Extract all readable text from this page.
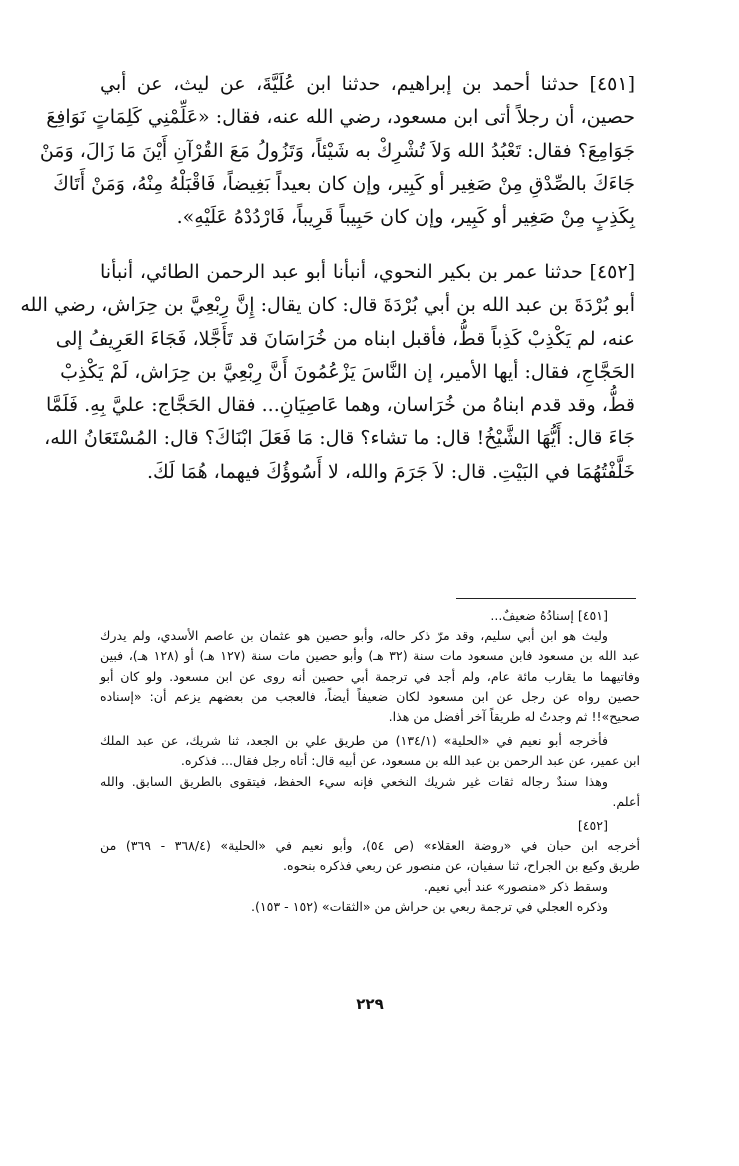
[٤٥١] حدثنا أحمد بن إبراهيم، حدثنا ابن عُلَيَّةَ، عن ليث، عن أبي
حصين، أن رجلاً أتى ابن مسعود، رضي الله عنه، فقال: «عَلِّمْنِي كَلِمَاتٍ نَوَافِعَ
جَوَامِعَ؟ فقال: تَعْبُدُ الله وَلاَ تُشْرِكْ به شَيْئاً، وَتَزُولُ مَعَ القُرْآنِ أَيْنَ مَا زَالَ، وَمَنْ
جَاءَكَ بالصِّدْقِ مِنْ صَغِير أو كَبِير، وإن كان بعيداً بَغِيضاً، فَاقْبَلْهُ مِنْهُ، وَمَنْ أَتَاكَ
بِكَذِبٍ مِنْ صَغِير أو كَبِير، وإن كان حَبِيباً قَرِيباً، فَارْدُدْهُ عَلَيْهِ».
[٤٥٢] حدثنا عمر بن بكير النحوي، أنبأنا أبو عبد الرحمن الطائي، أنبأنا
أبو بُرْدَةَ بن عبد الله بن أبي بُرْدَةَ قال: كان يقال: إِنَّ رِبْعِيَّ بن حِرَاش، رضي الله
عنه، لم يَكْذِبْ كَذِباً قطُّ، فأقبل ابناه من خُرَاسَانَ قد تَأَجَّلا، فَجَاءَ العَرِيفُ إلى
الحَجَّاجِ، فقال: أيها الأمير، إن النَّاسَ يَزْعُمُونَ أَنَّ رِبْعِيَّ بن حِرَاش، لَمْ يَكْذِبْ
قطُّ، وقد قدم ابناهُ من خُرَاسان، وهما عَاصِيَانِ... فقال الحَجَّاج: عليَّ بِهِ. فَلَمَّا
جَاءَ قال: أَيُّهَا الشَّيْخُ! قال: ما تشاء؟ قال: مَا فَعَلَ ابْنَاكَ؟ قال: المُسْتَعَانُ الله،
خَلَّفْتُهُمَا في البَيْتِ. قال: لاَ جَرَمَ والله، لا أَسُوؤُكَ فيهما، هُمَا لَكَ.
[٤٥١] إسنادُهُ ضعيفٌ...
وليث هو ابن أبي سليم، وقد مرّ ذكر حاله، وأبو حصين هو عثمان بن عاصم الأسدي، ولم يدرك
عبد الله بن مسعود فابن مسعود مات سنة (٣٢ هـ) وأبو حصين مات سنة (١٢٧ هـ) أو (١٢٨ هـ)، فبين
وفاتيهما ما يقارب مائة عام، ولم أجد في ترجمة أبي حصين أنه روى عن ابن مسعود. ولو كان أبو
حصين رواه عن رجل عن ابن مسعود لكان ضعيفاً أيضاً، فالعجب من بعضهم يزعم أن: «إسناده
صحيح»!! ثم وجدتُ له طريقاً آخر أفضل من هذا.
فأخرجه أبو نعيم في «الحلية» (١٣٤/١) من طريق علي بن الجعد، ثنا شريك، عن عبد الملك
ابن عمير، عن عبد الرحمن بن عبد الله بن مسعود، عن أبيه قال: أتاه رجل فقال... فذكره.
وهذا سندٌ رجاله ثقات غير شريك النخعي فإنه سيء الحفظ، فيتقوى بالطريق السابق. والله
أعلم.
[٤٥٢]
أخرجه ابن حبان في «روضة العقلاء» (ص ٥٤)، وأبو نعيم في «الحلية» (٣٦٨/٤ - ٣٦٩) من
طريق وكيع بن الجراح، ثنا سفيان، عن منصور عن ربعي فذكره بنحوه.
وسقط ذكر «منصور» عند أبي نعيم.
وذكره العجلي في ترجمة ربعي بن حراش من «الثقات» (١٥٢ - ١٥٣).
٢٢٩
